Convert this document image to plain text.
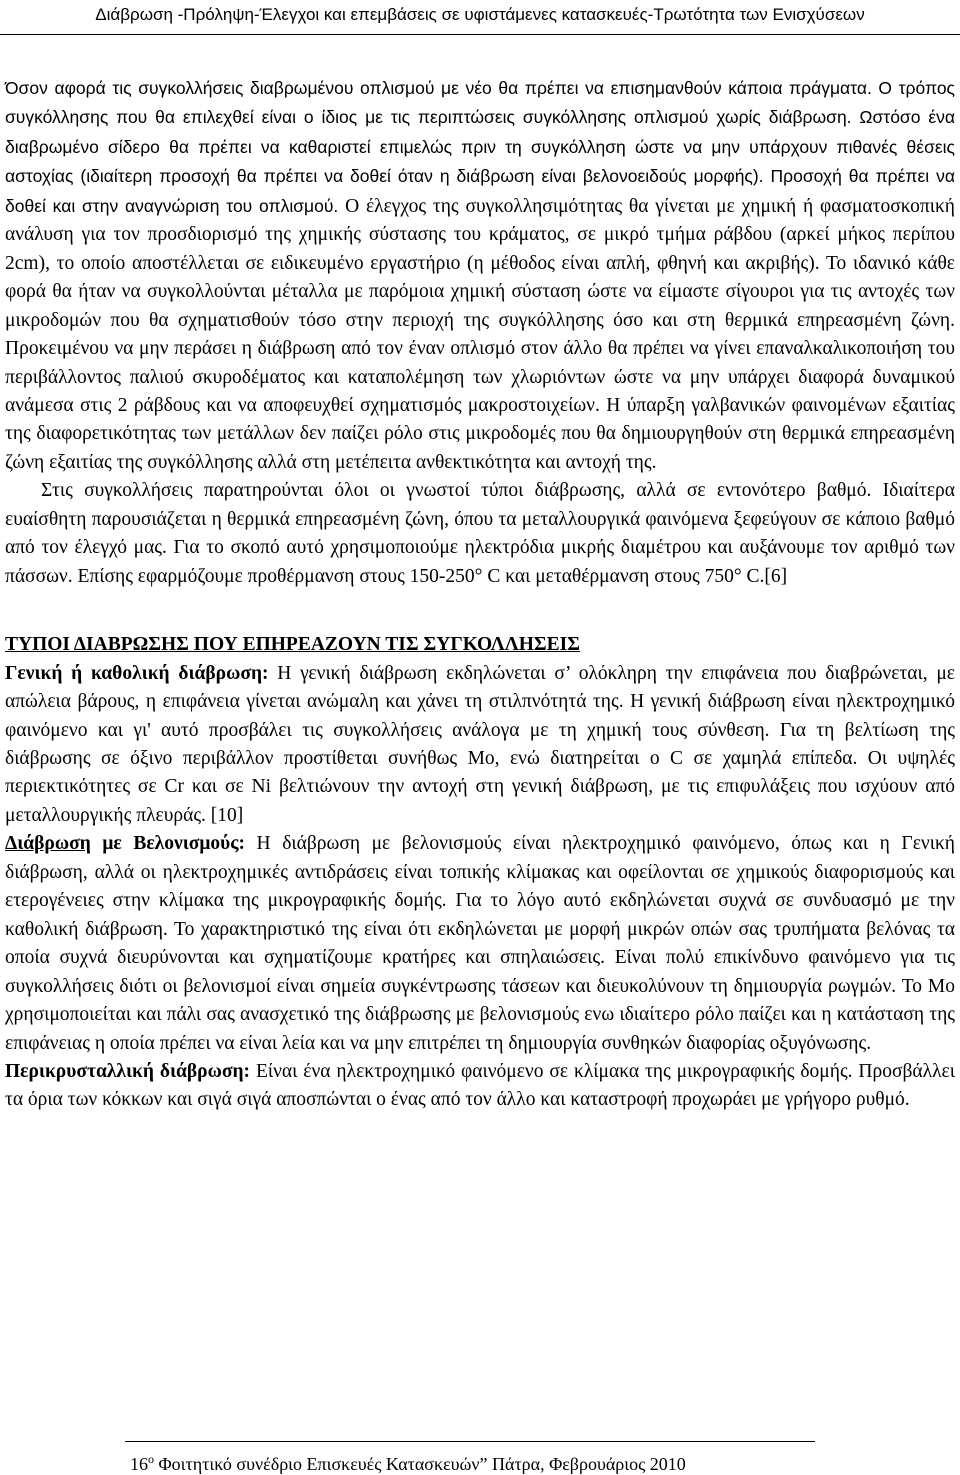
Διάβρωση -Πρόληψη-Έλεγχοι και επεμβάσεις σε υφιστάμενες κατασκευές-Τρωτότητα των Ενισχύσεων

Όσον αφορά τις συγκολλήσεις διαβρωμένου οπλισμού με νέο θα πρέπει να επισημανθούν κάποια πράγματα. Ο τρόπος συγκόλλησης που θα επιλεχθεί είναι ο ίδιος με τις περιπτώσεις συγκόλλησης οπλισμού χωρίς διάβρωση. Ωστόσο ένα διαβρωμένο σίδερο θα πρέπει να καθαριστεί επιμελώς πριν τη συγκόλληση ώστε να μην υπάρχουν πιθανές θέσεις αστοχίας (ιδιαίτερη προσοχή θα πρέπει να δοθεί όταν η διάβρωση είναι βελονοειδούς μορφής). Προσοχή θα πρέπει να δοθεί και στην αναγνώριση του οπλισμού. Ο έλεγχος της συγκολλησιμότητας θα γίνεται με χημική ή φασματοσκοπική ανάλυση για τον προσδιορισμό της χημικής σύστασης του κράματος, σε μικρό τμήμα ράβδου (αρκεί μήκος περίπου 2cm), το οποίο αποστέλλεται σε ειδικευμένο εργαστήριο (η μέθοδος είναι απλή, φθηνή και ακριβής). Το ιδανικό κάθε φορά θα ήταν να συγκολλούνται μέταλλα με παρόμοια χημική σύσταση ώστε να είμαστε σίγουροι για τις αντοχές των μικροδομών που θα σχηματισθούν τόσο στην περιοχή της συγκόλλησης όσο και στη θερμικά επηρεασμένη ζώνη. Προκειμένου να μην περάσει η διάβρωση από τον έναν οπλισμό στον άλλο θα πρέπει να γίνει επαναλκαλικοποιήση του περιβάλλοντος παλιού σκυροδέματος και καταπολέμηση των χλωριόντων ώστε να μην υπάρχει διαφορά δυναμικού ανάμεσα στις 2 ράβδους και να αποφευχθεί σχηματισμός μακροστοιχείων. Η ύπαρξη γαλβανικών φαινομένων εξαιτίας της διαφορετικότητας των μετάλλων δεν παίζει ρόλο στις μικροδομές που θα δημιουργηθούν στη θερμικά επηρεασμένη ζώνη εξαιτίας της συγκόλλησης αλλά στη μετέπειτα ανθεκτικότητα και αντοχή της.

Στις συγκολλήσεις παρατηρούνται όλοι οι γνωστοί τύποι διάβρωσης, αλλά σε εντονότερο βαθμό. Ιδιαίτερα ευαίσθητη παρουσιάζεται η θερμικά επηρεασμένη ζώνη, όπου τα μεταλλουργικά φαινόμενα ξεφεύγουν σε κάποιο βαθμό από τον έλεγχό μας. Για το σκοπό αυτό χρησιμοποιούμε ηλεκτρόδια μικρής διαμέτρου και αυξάνουμε τον αριθμό των πάσσων. Επίσης εφαρμόζουμε προθέρμανση στους 150-250° C και μεταθέρμανση στους 750° C.[6]

ΤΥΠΟΙ ΔΙΑΒΡΩΣΗΣ ΠΟΥ ΕΠΗΡΕΑΖΟΥΝ ΤΙΣ ΣΥΓΚΟΛΛΗΣΕΙΣ

Γενική ή καθολική διάβρωση: Η γενική διάβρωση εκδηλώνεται σ’ ολόκληρη την επιφάνεια που διαβρώνεται, με απώλεια βάρους, η επιφάνεια γίνεται ανώμαλη και χάνει τη στιλπνότητά της. Η γενική διάβρωση είναι ηλεκτροχημικό φαινόμενο και γι' αυτό προσβάλει τις συγκολλήσεις ανάλογα με τη χημική τους σύνθεση. Για τη βελτίωση της διάβρωσης σε όξινο περιβάλλον προστίθεται συνήθως Mo, ενώ διατηρείται ο C σε χαμηλά επίπεδα. Οι υψηλές περιεκτικότητες σε Cr και σε Ni βελτιώνουν την αντοχή στη γενική διάβρωση, με τις επιφυλάξεις που ισχύουν από μεταλλουργικής πλευράς. [10]

Διάβρωση με Βελονισμούς: Η διάβρωση με βελονισμούς είναι ηλεκτροχημικό φαινόμενο, όπως και η Γενική διάβρωση, αλλά οι ηλεκτροχημικές αντιδράσεις είναι τοπικής κλίμακας και οφείλονται σε χημικούς διαφορισμούς και ετερογένειες στην κλίμακα της μικρογραφικής δομής. Για το λόγο αυτό εκδηλώνεται συχνά σε συνδυασμό με την καθολική διάβρωση. Το χαρακτηριστικό της είναι ότι εκδηλώνεται με μορφή μικρών οπών σας τρυπήματα βελόνας τα οποία συχνά διευρύνονται και σχηματίζουμε κρατήρες και σπηλαιώσεις. Είναι πολύ επικίνδυνο φαινόμενο για τις συγκολλήσεις διότι οι βελονισμοί είναι σημεία συγκέντρωσης τάσεων και διευκολύνουν τη δημιουργία ρωγμών. Το Mo χρησιμοποιείται και πάλι σας ανασχετικό της διάβρωσης με βελονισμούς ενω ιδιαίτερο ρόλο παίζει και η κατάσταση της επιφάνειας η οποία πρέπει να είναι λεία και να μην επιτρέπει τη δημιουργία συνθηκών διαφορίας οξυγόνωσης.

Περικρυσταλλική διάβρωση: Είναι ένα ηλεκτροχημικό φαινόμενο σε κλίμακα της μικρογραφικής δομής. Προσβάλλει τα όρια των κόκκων και σιγά σιγά αποσπώνται ο ένας από τον άλλο και καταστροφή προχωράει με γρήγορο ρυθμό.

$16^o$ Φοιτητικό συνέδριο Επισκευές Κατασκευών” Πάτρα, Φεβρουάριος 2010
